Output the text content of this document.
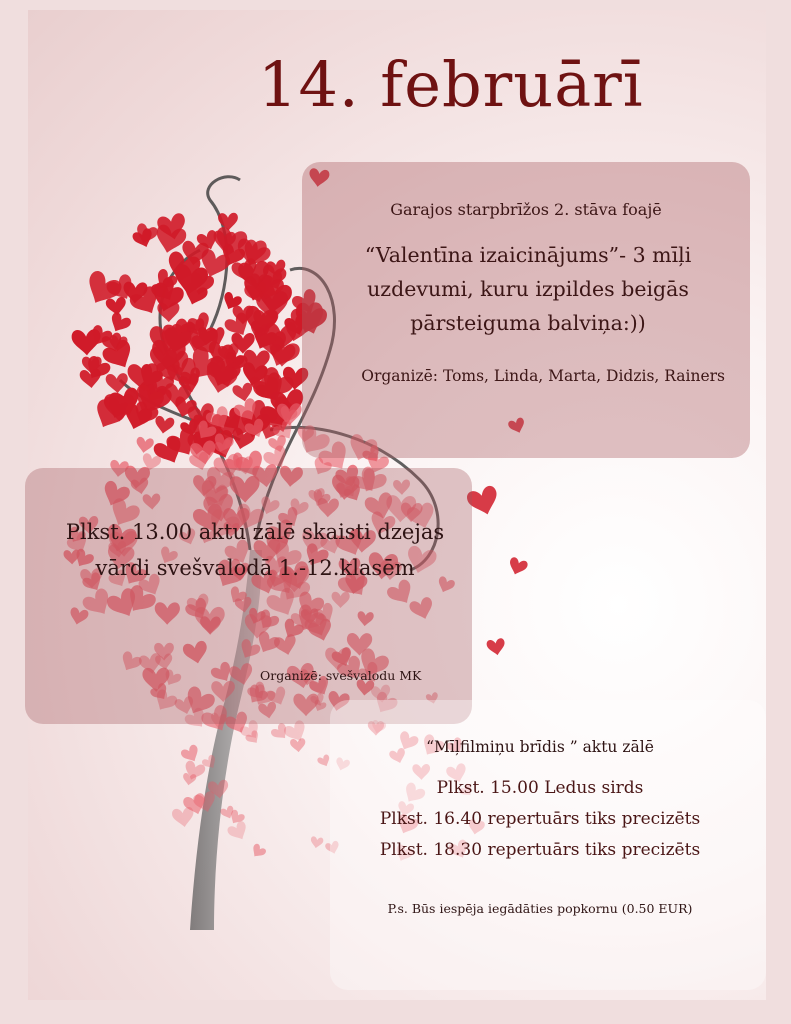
14. februārī
Garajos starpbrīžos 2. stāva foajē
“Valentīna izaicinājums”- 3 mīļi uzdevumi, kuru izpildes beigās pārsteiguma balviņa:))
Organizē: Toms, Linda, Marta, Didzis, Rainers
Plkst. 13.00 aktu zālē skaisti dzejas vārdi svešvalodā 1.-12.klasēm
Organizē: svešvalodu MK
“Mīļfilmiņu brīdis ” aktu zālē
Plkst. 15.00 Ledus sirds
Plkst. 16.40 repertuārs tiks precizēts
Plkst. 18.30 repertuārs tiks precizēts
P.s. Būs iespēja iegādāties popkornu (0.50 EUR)
